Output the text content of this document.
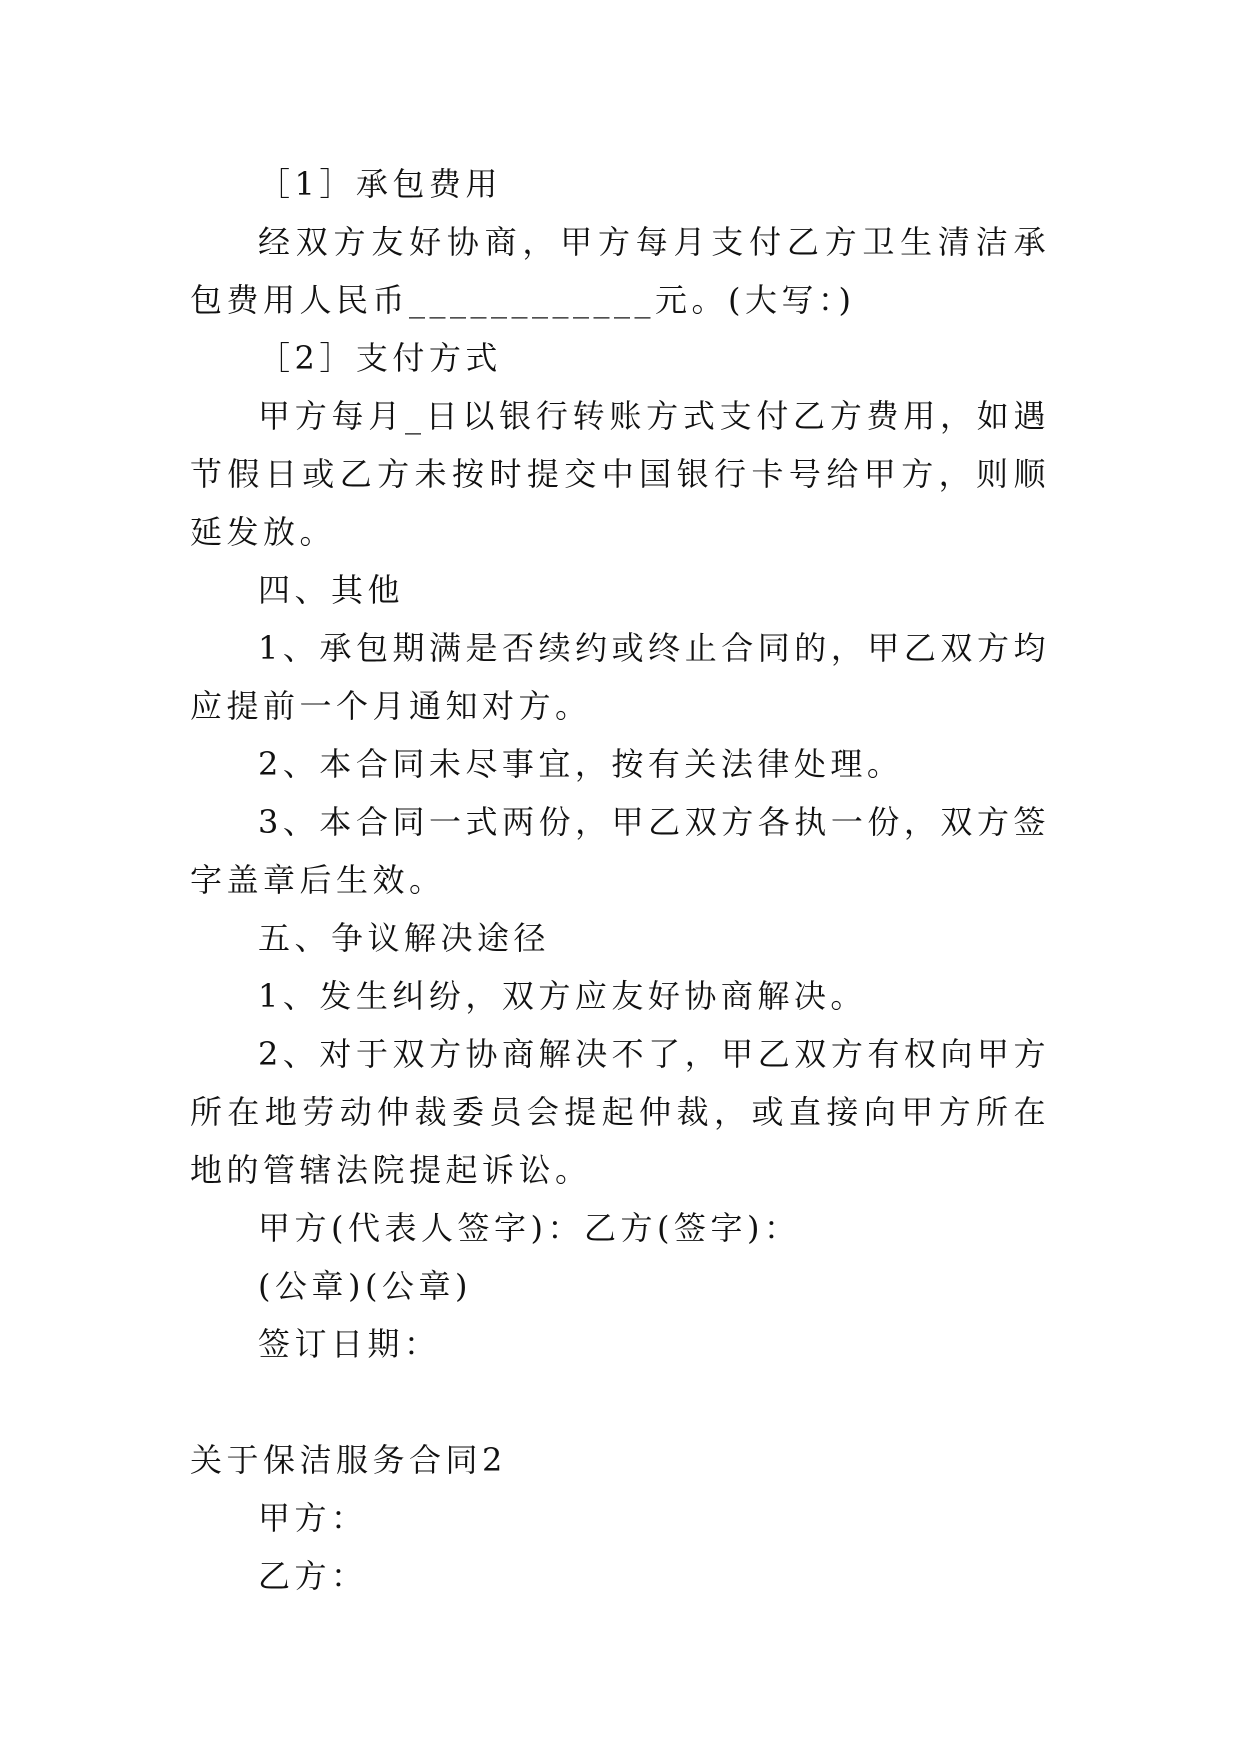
［1］承包费用

经双方友好协商，甲方每月支付乙方卫生清洁承包费用人民币____________元。(大写：)

［2］支付方式

甲方每月_日以银行转账方式支付乙方费用，如遇节假日或乙方未按时提交中国银行卡号给甲方，则顺延发放。

四、其他

1、承包期满是否续约或终止合同的，甲乙双方均应提前一个月通知对方。

2、本合同未尽事宜，按有关法律处理。

3、本合同一式两份，甲乙双方各执一份，双方签字盖章后生效。

五、争议解决途径

1、发生纠纷，双方应友好协商解决。

2、对于双方协商解决不了，甲乙双方有权向甲方所在地劳动仲裁委员会提起仲裁，或直接向甲方所在地的管辖法院提起诉讼。

甲方(代表人签字)：乙方(签字)：

(公章)(公章)

签订日期：

关于保洁服务合同2

甲方：

乙方：
